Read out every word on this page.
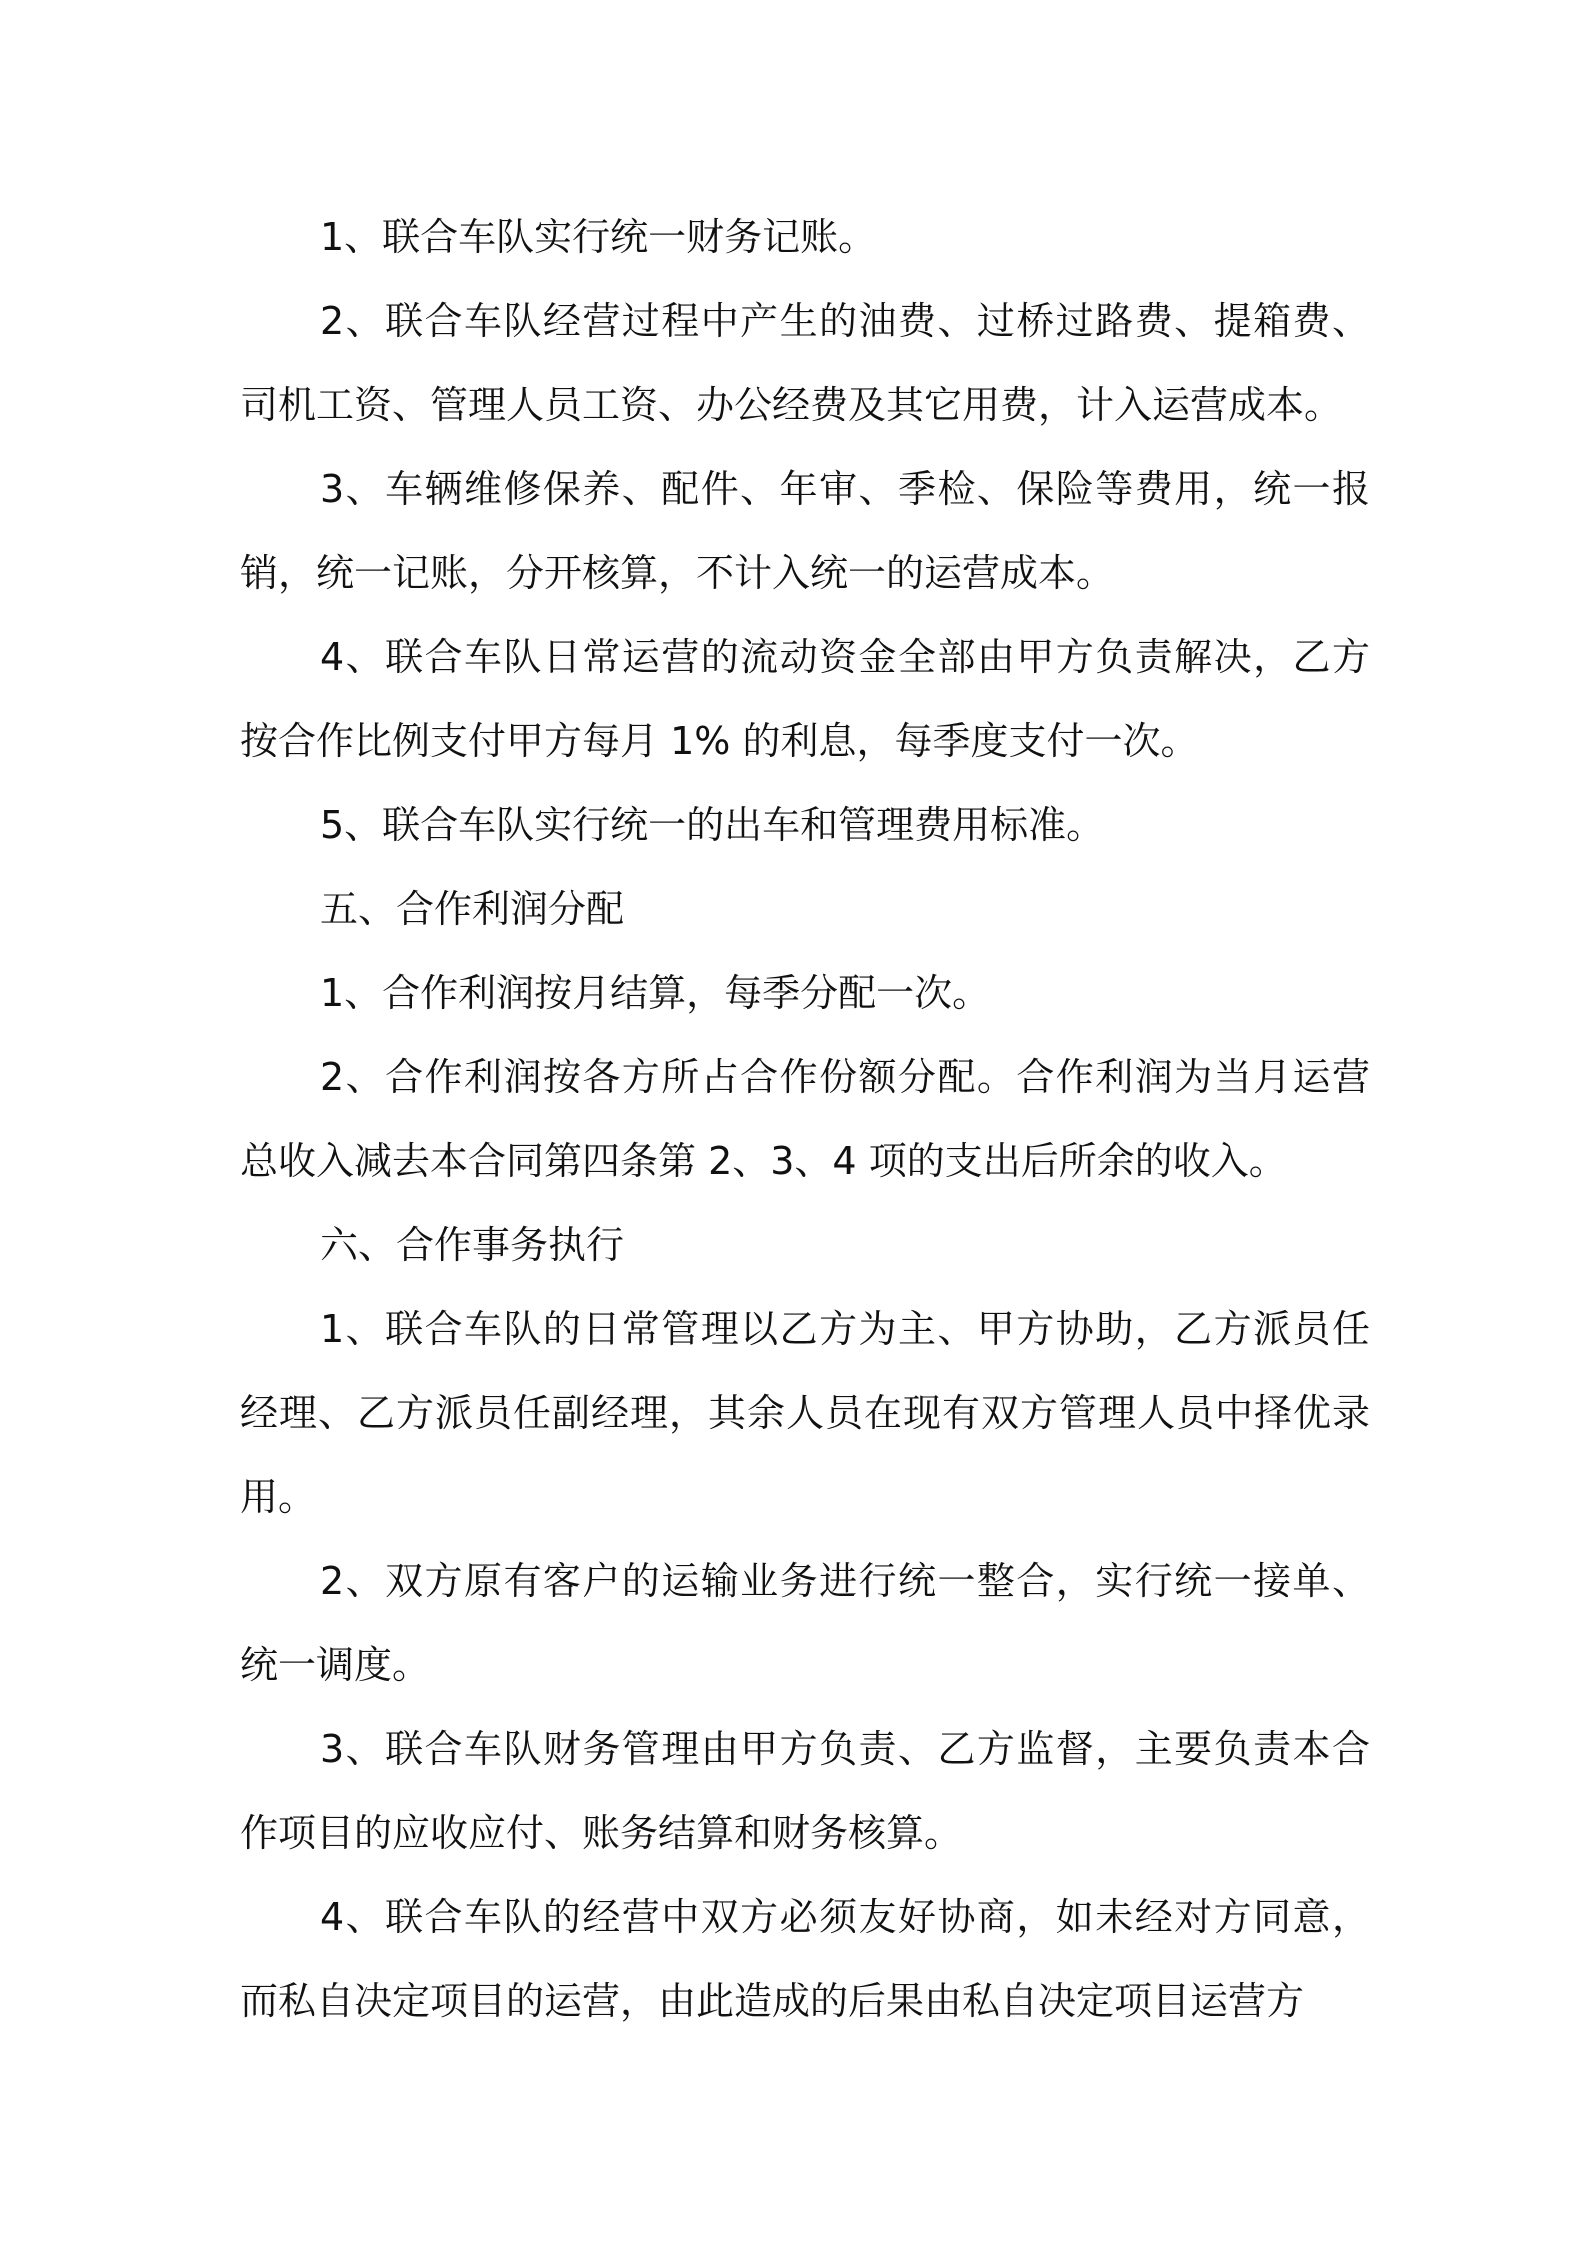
1、联合车队实行统一财务记账。

2、联合车队经营过程中产生的油费、过桥过路费、提箱费、司机工资、管理人员工资、办公经费及其它用费，计入运营成本。

3、车辆维修保养、配件、年审、季检、保险等费用，统一报销，统一记账，分开核算，不计入统一的运营成本。

4、联合车队日常运营的流动资金全部由甲方负责解决，乙方按合作比例支付甲方每月 1% 的利息，每季度支付一次。

5、联合车队实行统一的出车和管理费用标准。

五、合作利润分配

1、合作利润按月结算，每季分配一次。

2、合作利润按各方所占合作份额分配。合作利润为当月运营总收入减去本合同第四条第 2、3、4 项的支出后所余的收入。

六、合作事务执行

1、联合车队的日常管理以乙方为主、甲方协助，乙方派员任经理、乙方派员任副经理，其余人员在现有双方管理人员中择优录用。

2、双方原有客户的运输业务进行统一整合，实行统一接单、统一调度。

3、联合车队财务管理由甲方负责、乙方监督，主要负责本合作项目的应收应付、账务结算和财务核算。

4、联合车队的经营中双方必须友好协商，如未经对方同意，而私自决定项目的运营，由此造成的后果由私自决定项目运营方
